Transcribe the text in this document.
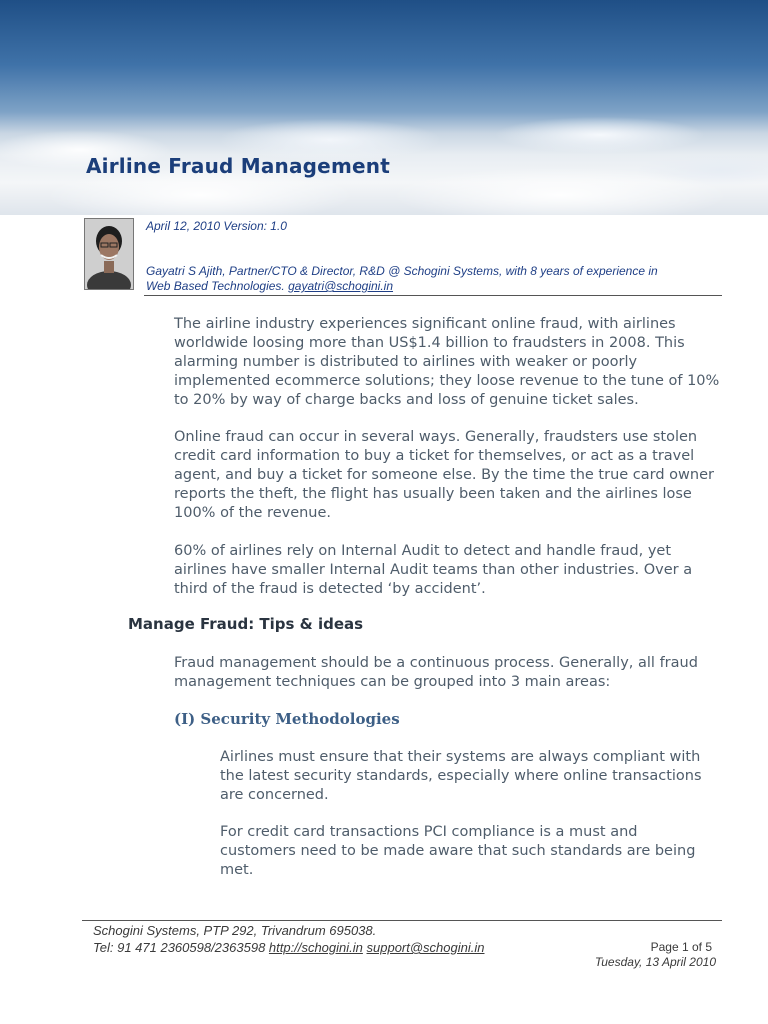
Airline Fraud Management
April 12, 2010 Version: 1.0
Gayatri S Ajith, Partner/CTO & Director, R&D @ Schogini Systems, with 8 years of experience in
Web Based Technologies. gayatri@schogini.in

The airline industry experiences significant online fraud, with airlines worldwide loosing more than US$1.4 billion to fraudsters in 2008. This alarming number is distributed to airlines with weaker or poorly implemented ecommerce solutions; they loose revenue to the tune of 10% to 20% by way of charge backs and loss of genuine ticket sales.

Online fraud can occur in several ways. Generally, fraudsters use stolen credit card information to buy a ticket for themselves, or act as a travel agent, and buy a ticket for someone else. By the time the true card owner reports the theft, the flight has usually been taken and the airlines lose 100% of the revenue.

60% of airlines rely on Internal Audit to detect and handle fraud, yet airlines have smaller Internal Audit teams than other industries. Over a third of the fraud is detected ‘by accident’.

Manage Fraud: Tips & ideas

Fraud management should be a continuous process. Generally, all fraud management techniques can be grouped into 3 main areas:

(I) Security Methodologies

Airlines must ensure that their systems are always compliant with the latest security standards, especially where online transactions are concerned.

For credit card transactions PCI compliance is a must and customers need to be made aware that such standards are being met.

Schogini Systems, PTP 292, Trivandrum 695038.
Tel: 91 471 2360598/2363598 http://schogini.in support@schogini.in	Page 1 of 5
Tuesday, 13 April 2010
